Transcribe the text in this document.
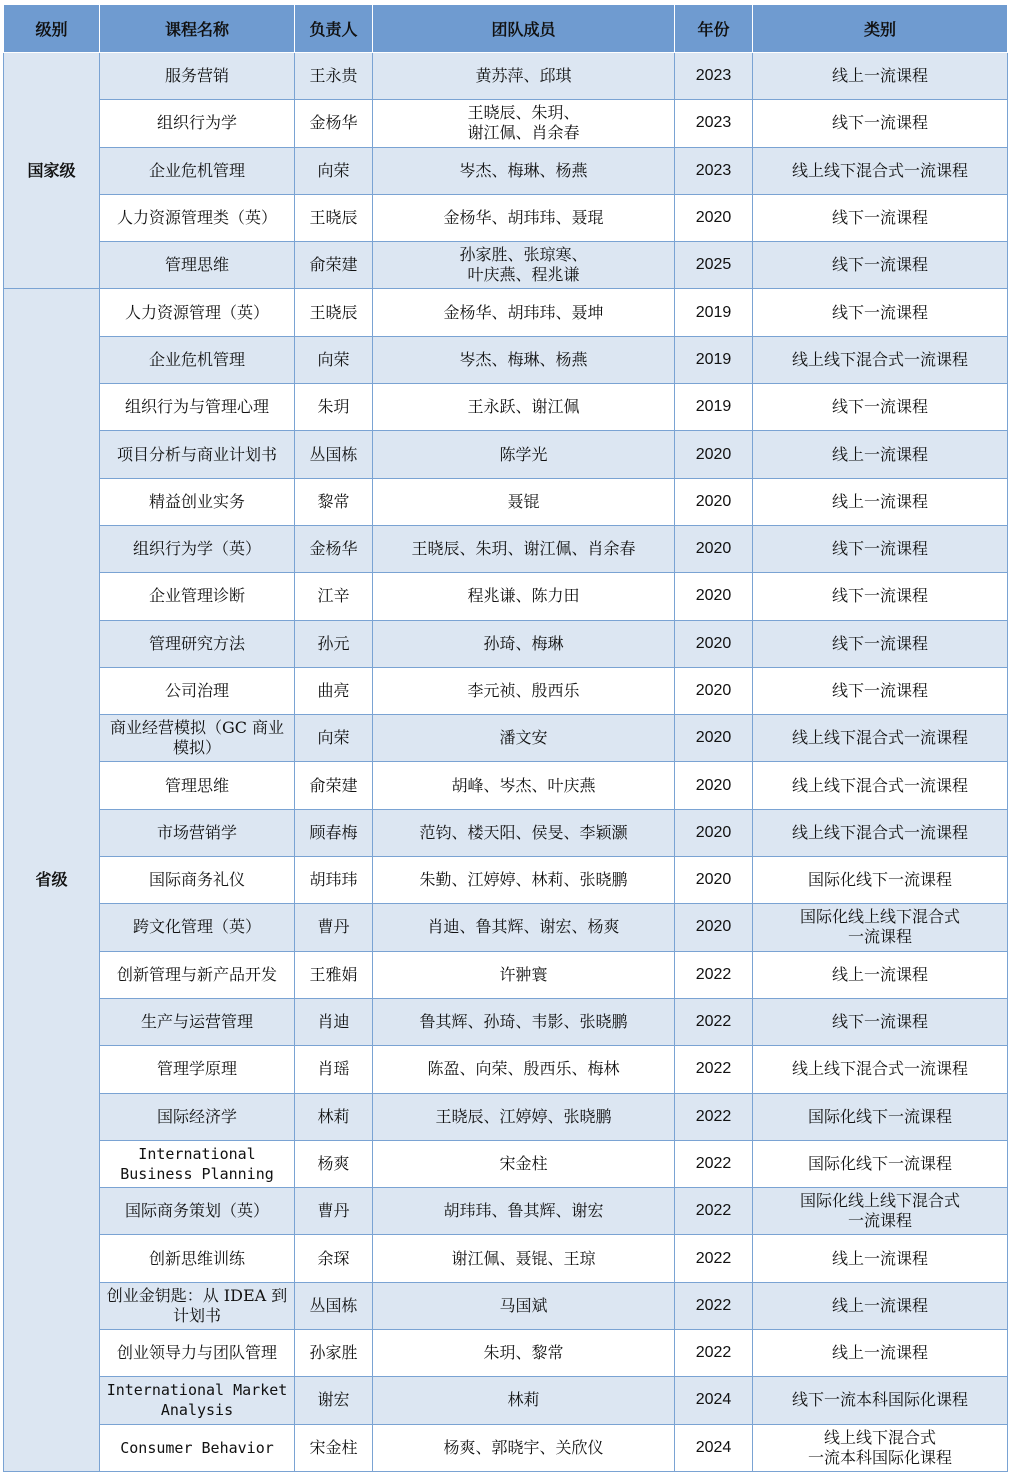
级别	课程名称	负责人	团队成员	年份	类别
国家级	服务营销	王永贵	黄苏萍、邱琪	2023	线上一流课程
	组织行为学	金杨华	王晓辰、朱玥、
谢江佩、肖余春	2023	线下一流课程
	企业危机管理	向荣	岑杰、梅琳、杨燕	2023	线上线下混合式一流课程
	人力资源管理类（英）	王晓辰	金杨华、胡玮玮、聂琨	2020	线下一流课程
	管理思维	俞荣建	孙家胜、张琼寒、
叶庆燕、程兆谦	2025	线下一流课程
省级	人力资源管理（英）	王晓辰	金杨华、胡玮玮、聂坤	2019	线下一流课程
	企业危机管理	向荣	岑杰、梅琳、杨燕	2019	线上线下混合式一流课程
	组织行为与管理心理	朱玥	王永跃、谢江佩	2019	线下一流课程
	项目分析与商业计划书	丛国栋	陈学光	2020	线上一流课程
	精益创业实务	黎常	聂锟	2020	线上一流课程
	组织行为学（英）	金杨华	王晓辰、朱玥、谢江佩、肖余春	2020	线下一流课程
	企业管理诊断	江辛	程兆谦、陈力田	2020	线下一流课程
	管理研究方法	孙元	孙琦、梅琳	2020	线下一流课程
	公司治理	曲亮	李元祯、殷西乐	2020	线下一流课程
	商业经营模拟（GC 商业
模拟）	向荣	潘文安	2020	线上线下混合式一流课程
	管理思维	俞荣建	胡峰、岑杰、叶庆燕	2020	线上线下混合式一流课程
	市场营销学	顾春梅	范钧、楼天阳、侯旻、李颖灏	2020	线上线下混合式一流课程
	国际商务礼仪	胡玮玮	朱勤、江婷婷、林莉、张晓鹏	2020	国际化线下一流课程
	跨文化管理（英）	曹丹	肖迪、鲁其辉、谢宏、杨爽	2020	国际化线上线下混合式
一流课程
	创新管理与新产品开发	王雅娟	许翀寰	2022	线上一流课程
	生产与运营管理	肖迪	鲁其辉、孙琦、韦影、张晓鹏	2022	线下一流课程
	管理学原理	肖瑶	陈盈、向荣、殷西乐、梅林	2022	线上线下混合式一流课程
	国际经济学	林莉	王晓辰、江婷婷、张晓鹏	2022	国际化线下一流课程
	International
Business Planning	杨爽	宋金柱	2022	国际化线下一流课程
	国际商务策划（英）	曹丹	胡玮玮、鲁其辉、谢宏	2022	国际化线上线下混合式
一流课程
	创新思维训练	余琛	谢江佩、聂锟、王琼	2022	线上一流课程
	创业金钥匙：从 IDEA 到
计划书	丛国栋	马国斌	2022	线上一流课程
	创业领导力与团队管理	孙家胜	朱玥、黎常	2022	线上一流课程
	International Market
Analysis	谢宏	林莉	2024	线下一流本科国际化课程
	Consumer Behavior	宋金柱	杨爽、郭晓宇、关欣仪	2024	线上线下混合式
一流本科国际化课程
